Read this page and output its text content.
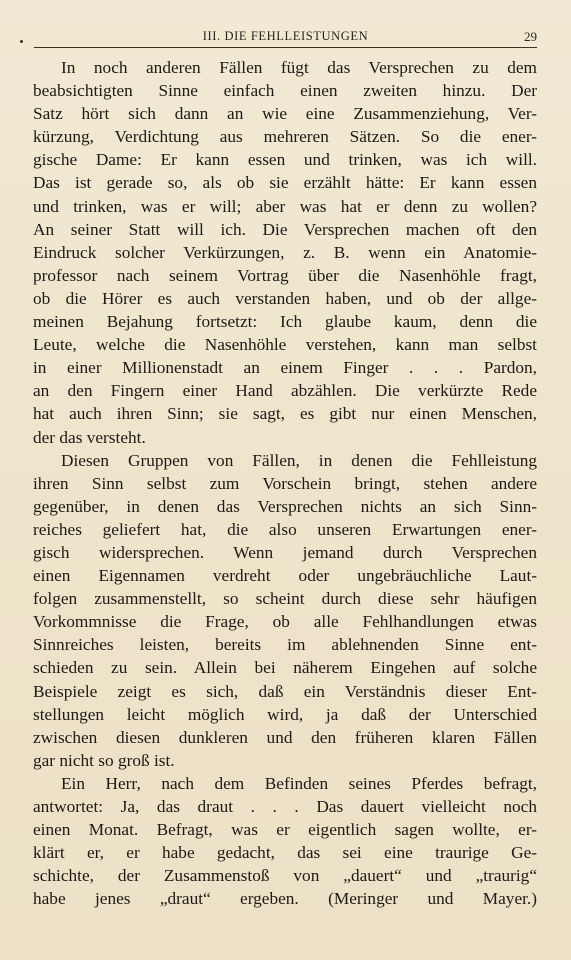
III. DIE FEHLLEISTUNGEN	29
In noch anderen Fällen fügt das Versprechen zu dem
beabsichtigten Sinne einfach einen zweiten hinzu. Der
Satz hört sich dann an wie eine Zusammenziehung, Ver-
kürzung, Verdichtung aus mehreren Sätzen. So die ener-
gische Dame: Er kann essen und trinken, was ich will.
Das ist gerade so, als ob sie erzählt hätte: Er kann essen
und trinken, was er will; aber was hat er denn zu wollen?
An seiner Statt will ich. Die Versprechen machen oft den
Eindruck solcher Verkürzungen, z. B. wenn ein Anatomie-
professor nach seinem Vortrag über die Nasenhöhle fragt,
ob die Hörer es auch verstanden haben, und ob der allge-
meinen Bejahung fortsetzt: Ich glaube kaum, denn die
Leute, welche die Nasenhöhle verstehen, kann man selbst
in einer Millionenstadt an einem Finger . . . Pardon,
an den Fingern einer Hand abzählen. Die verkürzte Rede
hat auch ihren Sinn; sie sagt, es gibt nur einen Menschen,
der das versteht.
Diesen Gruppen von Fällen, in denen die Fehlleistung
ihren Sinn selbst zum Vorschein bringt, stehen andere
gegenüber, in denen das Versprechen nichts an sich Sinn-
reiches geliefert hat, die also unseren Erwartungen ener-
gisch widersprechen. Wenn jemand durch Versprechen
einen Eigennamen verdreht oder ungebräuchliche Laut-
folgen zusammenstellt, so scheint durch diese sehr häufigen
Vorkommnisse die Frage, ob alle Fehlhandlungen etwas
Sinnreiches leisten, bereits im ablehnenden Sinne ent-
schieden zu sein. Allein bei näherem Eingehen auf solche
Beispiele zeigt es sich, daß ein Verständnis dieser Ent-
stellungen leicht möglich wird, ja daß der Unterschied
zwischen diesen dunkleren und den früheren klaren Fällen
gar nicht so groß ist.
Ein Herr, nach dem Befinden seines Pferdes befragt,
antwortet: Ja, das draut . . . Das dauert vielleicht noch
einen Monat. Befragt, was er eigentlich sagen wollte, er-
klärt er, er habe gedacht, das sei eine traurige Ge-
schichte, der Zusammenstoß von „dauert“ und „traurig“
habe jenes „draut“ ergeben. (Meringer und Mayer.)
